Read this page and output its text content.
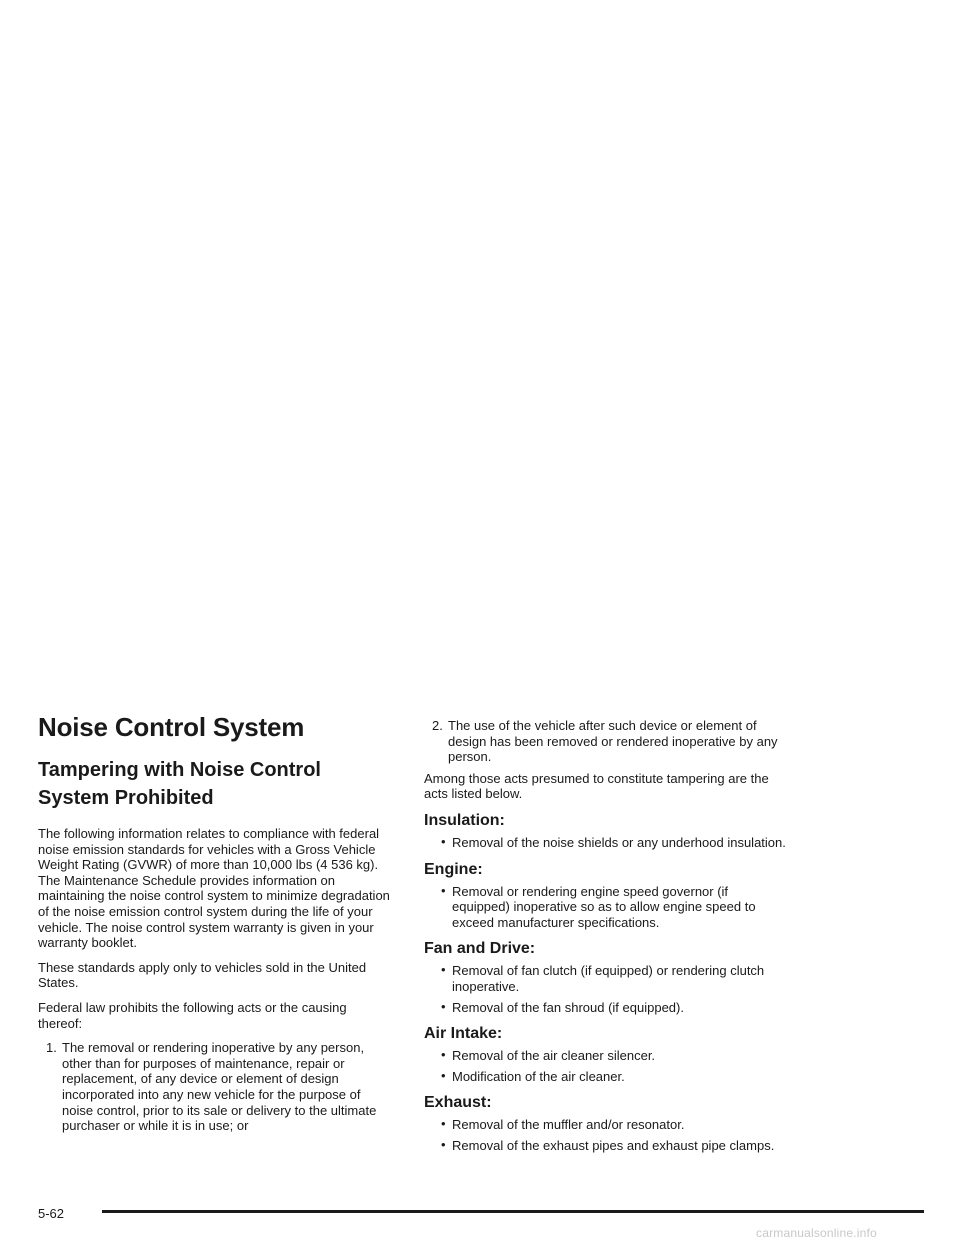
Noise Control System
Tampering with Noise Control System Prohibited

The following information relates to compliance with federal noise emission standards for vehicles with a Gross Vehicle Weight Rating (GVWR) of more than 10,000 lbs (4 536 kg). The Maintenance Schedule provides information on maintaining the noise control system to minimize degradation of the noise emission control system during the life of your vehicle. The noise control system warranty is given in your warranty booklet.

These standards apply only to vehicles sold in the United States.

Federal law prohibits the following acts or the causing thereof:

1. The removal or rendering inoperative by any person, other than for purposes of maintenance, repair or replacement, of any device or element of design incorporated into any new vehicle for the purpose of noise control, prior to its sale or delivery to the ultimate purchaser or while it is in use; or
2. The use of the vehicle after such device or element of design has been removed or rendered inoperative by any person.

Among those acts presumed to constitute tampering are the acts listed below.

Insulation:
• Removal of the noise shields or any underhood insulation.
Engine:
• Removal or rendering engine speed governor (if equipped) inoperative so as to allow engine speed to exceed manufacturer specifications.
Fan and Drive:
• Removal of fan clutch (if equipped) or rendering clutch inoperative.
• Removal of the fan shroud (if equipped).
Air Intake:
• Removal of the air cleaner silencer.
• Modification of the air cleaner.
Exhaust:
• Removal of the muffler and/or resonator.
• Removal of the exhaust pipes and exhaust pipe clamps.
5-62
carmanualsonline.info
